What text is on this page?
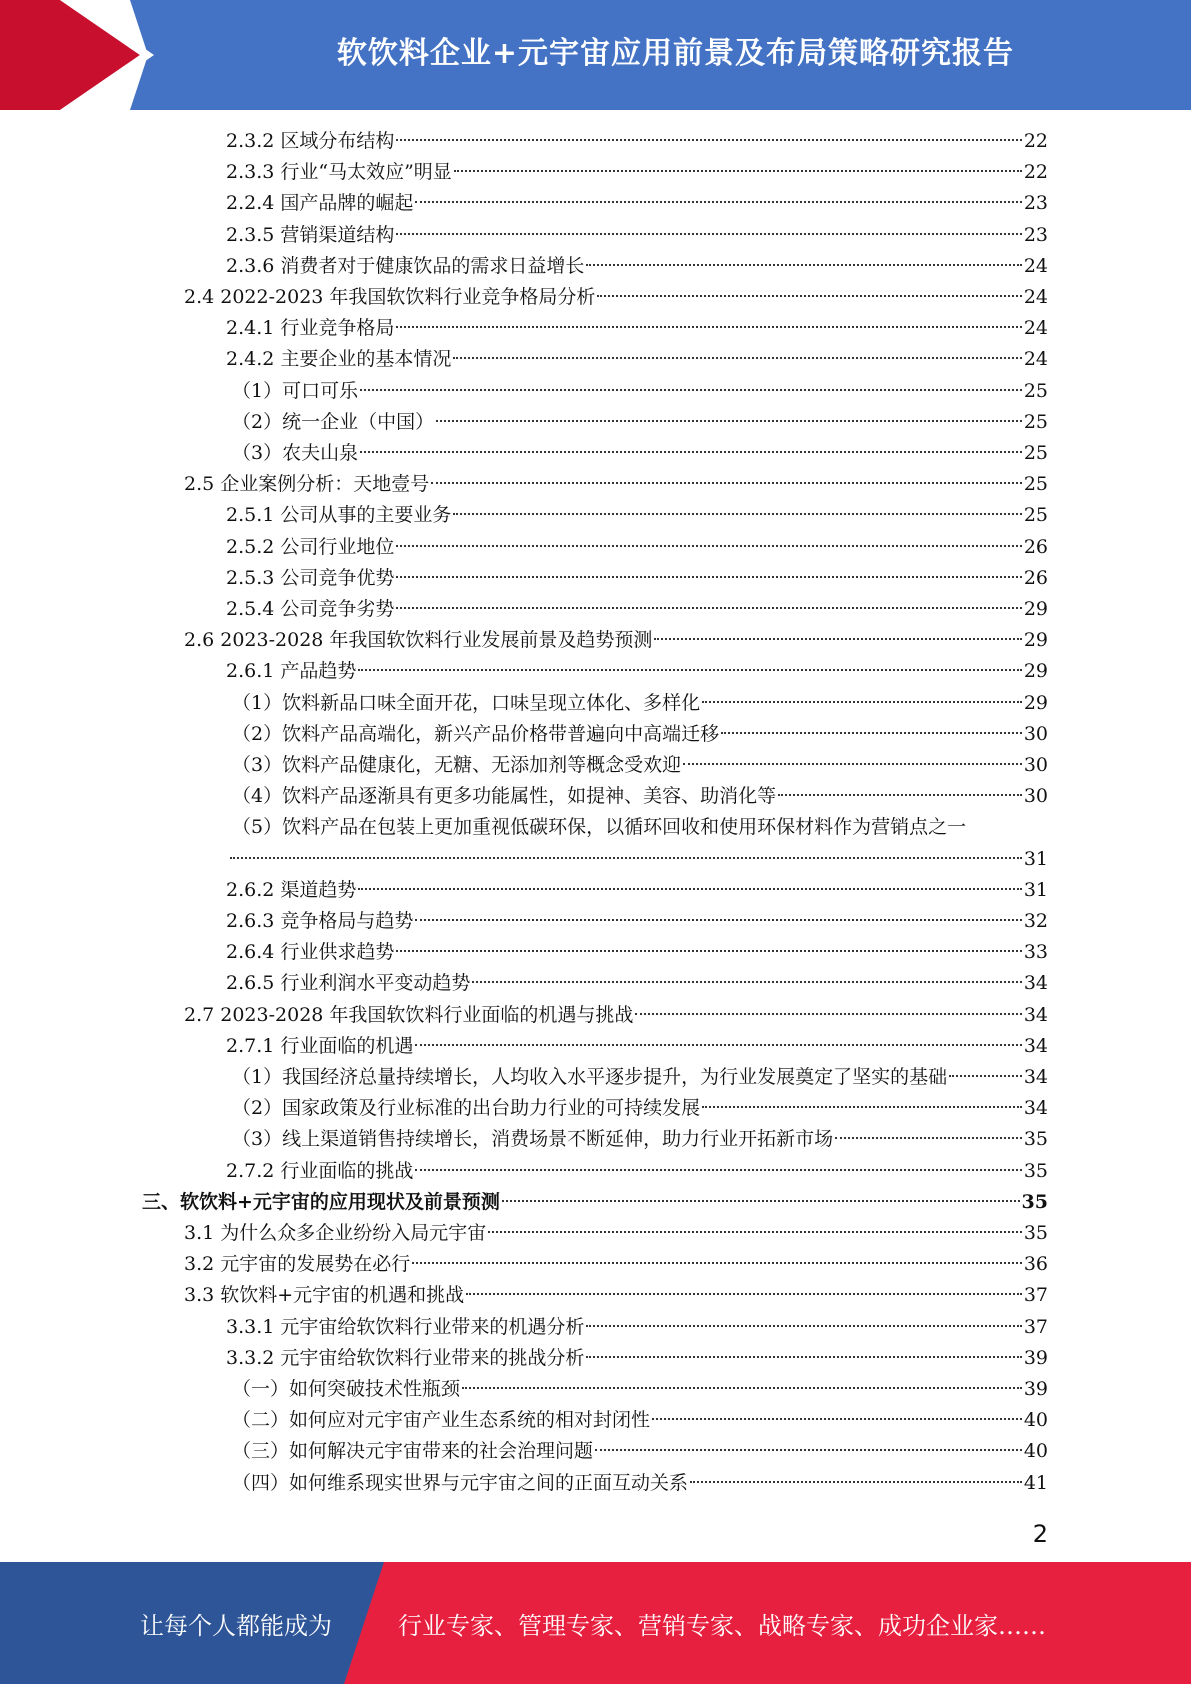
软饮料企业+元宇宙应用前景及布局策略研究报告
2.3.2 区域分布结构	22
2.3.3 行业“马太效应”明显	22
2.2.4 国产品牌的崛起	23
2.3.5 营销渠道结构	23
2.3.6 消费者对于健康饮品的需求日益增长	24
2.4 2022-2023 年我国软饮料行业竞争格局分析	24
2.4.1 行业竞争格局	24
2.4.2 主要企业的基本情况	24
（1）可口可乐	25
（2）统一企业（中国）	25
（3）农夫山泉	25
2.5 企业案例分析：天地壹号	25
2.5.1 公司从事的主要业务	25
2.5.2 公司行业地位	26
2.5.3 公司竞争优势	26
2.5.4 公司竞争劣势	29
2.6 2023-2028 年我国软饮料行业发展前景及趋势预测	29
2.6.1 产品趋势	29
（1）饮料新品口味全面开花，口味呈现立体化、多样化	29
（2）饮料产品高端化，新兴产品价格带普遍向中高端迁移	30
（3）饮料产品健康化，无糖、无添加剂等概念受欢迎	30
（4）饮料产品逐渐具有更多功能属性，如提神、美容、助消化等	30
（5）饮料产品在包装上更加重视低碳环保，以循环回收和使用环保材料作为营销点之一
31
2.6.2 渠道趋势	31
2.6.3 竞争格局与趋势	32
2.6.4 行业供求趋势	33
2.6.5 行业利润水平变动趋势	34
2.7 2023-2028 年我国软饮料行业面临的机遇与挑战	34
2.7.1 行业面临的机遇	34
（1）我国经济总量持续增长，人均收入水平逐步提升，为行业发展奠定了坚实的基础	34
（2）国家政策及行业标准的出台助力行业的可持续发展	34
（3）线上渠道销售持续增长，消费场景不断延伸，助力行业开拓新市场	35
2.7.2 行业面临的挑战	35
三、软饮料+元宇宙的应用现状及前景预测	35
3.1 为什么众多企业纷纷入局元宇宙	35
3.2 元宇宙的发展势在必行	36
3.3 软饮料+元宇宙的机遇和挑战	37
3.3.1 元宇宙给软饮料行业带来的机遇分析	37
3.3.2 元宇宙给软饮料行业带来的挑战分析	39
（一）如何突破技术性瓶颈	39
（二）如何应对元宇宙产业生态系统的相对封闭性	40
（三）如何解决元宇宙带来的社会治理问题	40
（四）如何维系现实世界与元宇宙之间的正面互动关系	41
2
让每个人都能成为	行业专家、管理专家、营销专家、战略专家、成功企业家……
